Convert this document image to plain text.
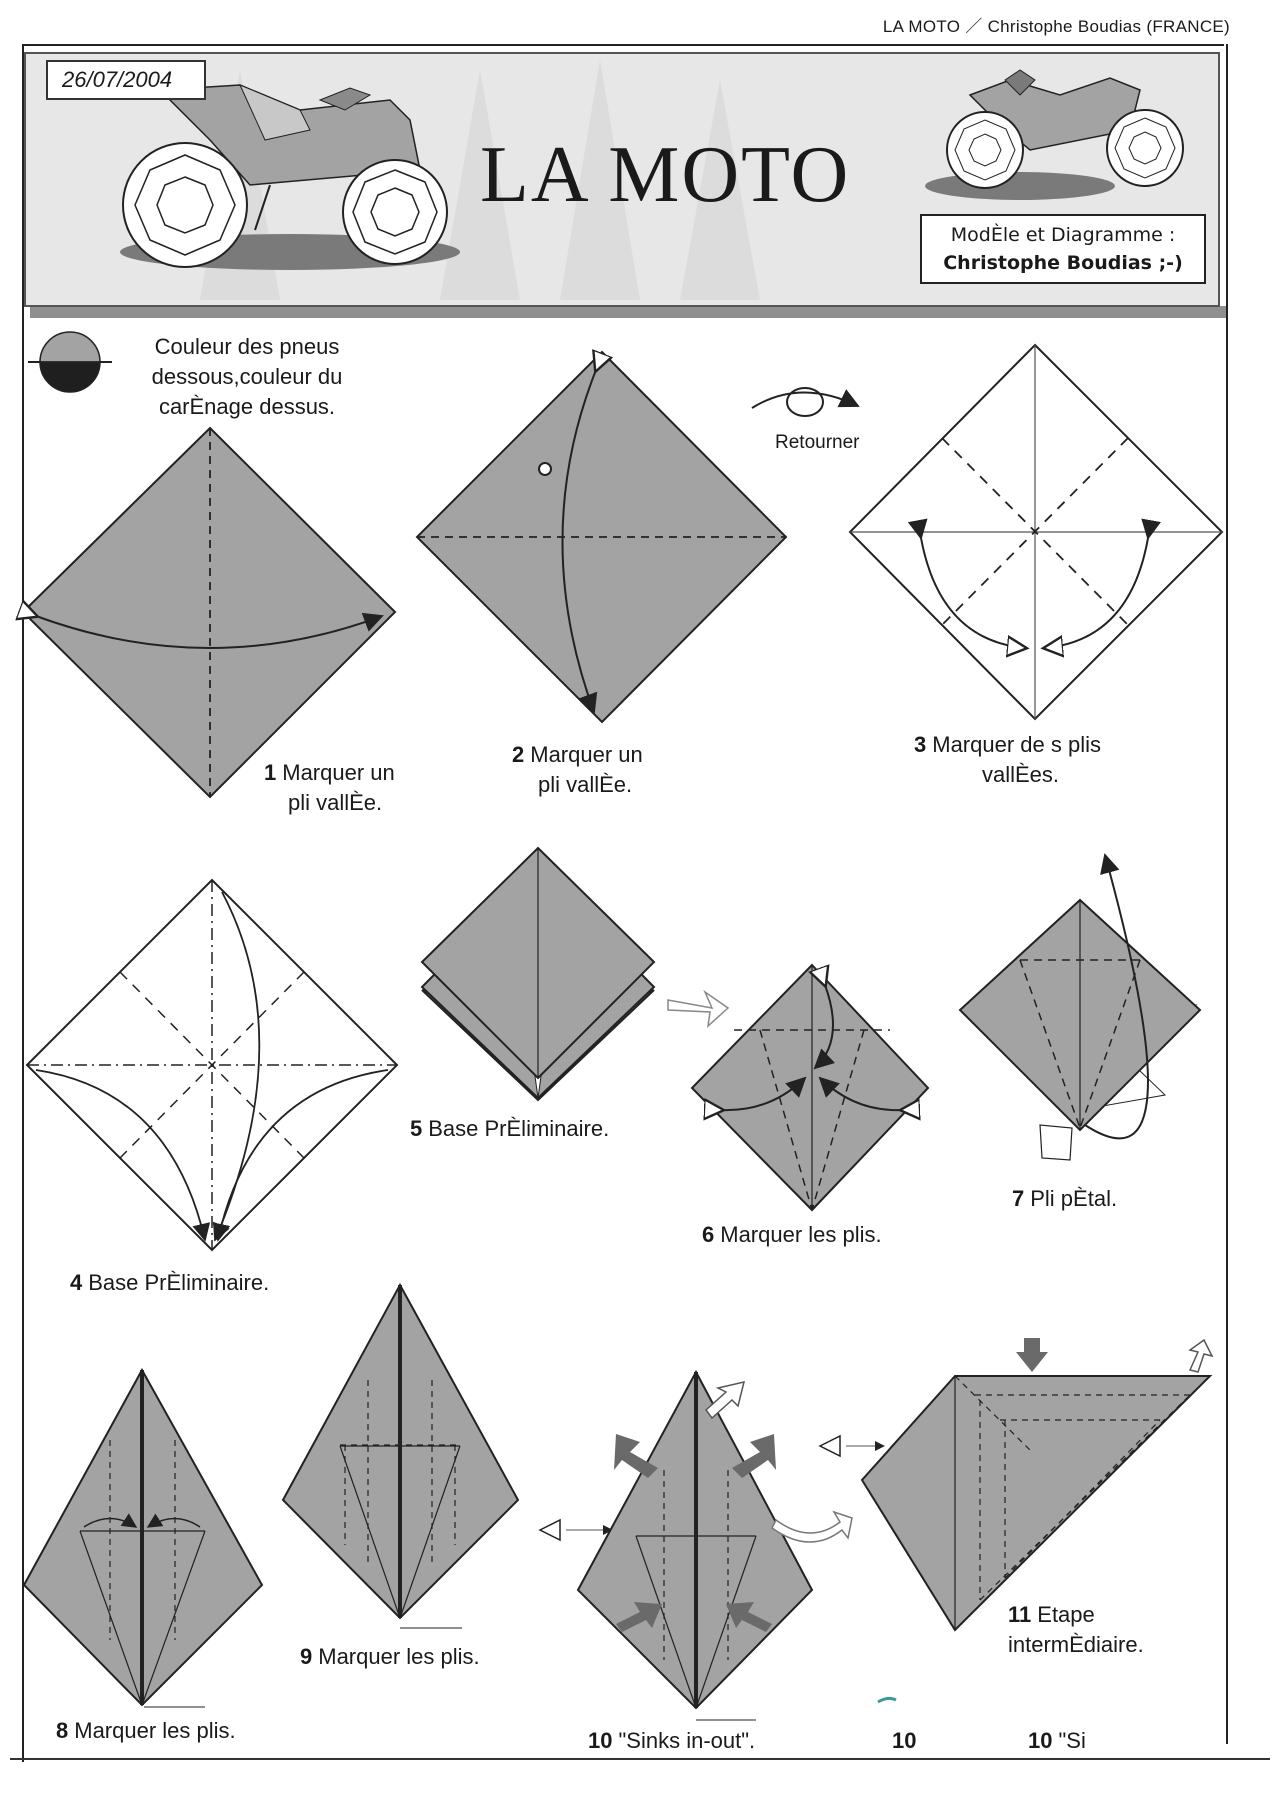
LA MOTO ／ Christophe Boudias (FRANCE)
26/07/2004
LA MOTO
ModÈle et Diagramme :
Christophe Boudias ;-)
Couleur des pneus
dessous,couleur du
carÈnage dessus.
Retourner
1 Marquer un
pli vallÈe.
2 Marquer un
pli vallÈe.
3 Marquer de s plis
vallÈes.
4 Base PrÈliminaire.
5 Base PrÈliminaire.
6 Marquer les plis.
7 Pli pÈtal.
8 Marquer les plis.
9 Marquer les plis.
10 "Sinks in-out".
11 Etape
intermÈdiaire.
10	10 "Si
